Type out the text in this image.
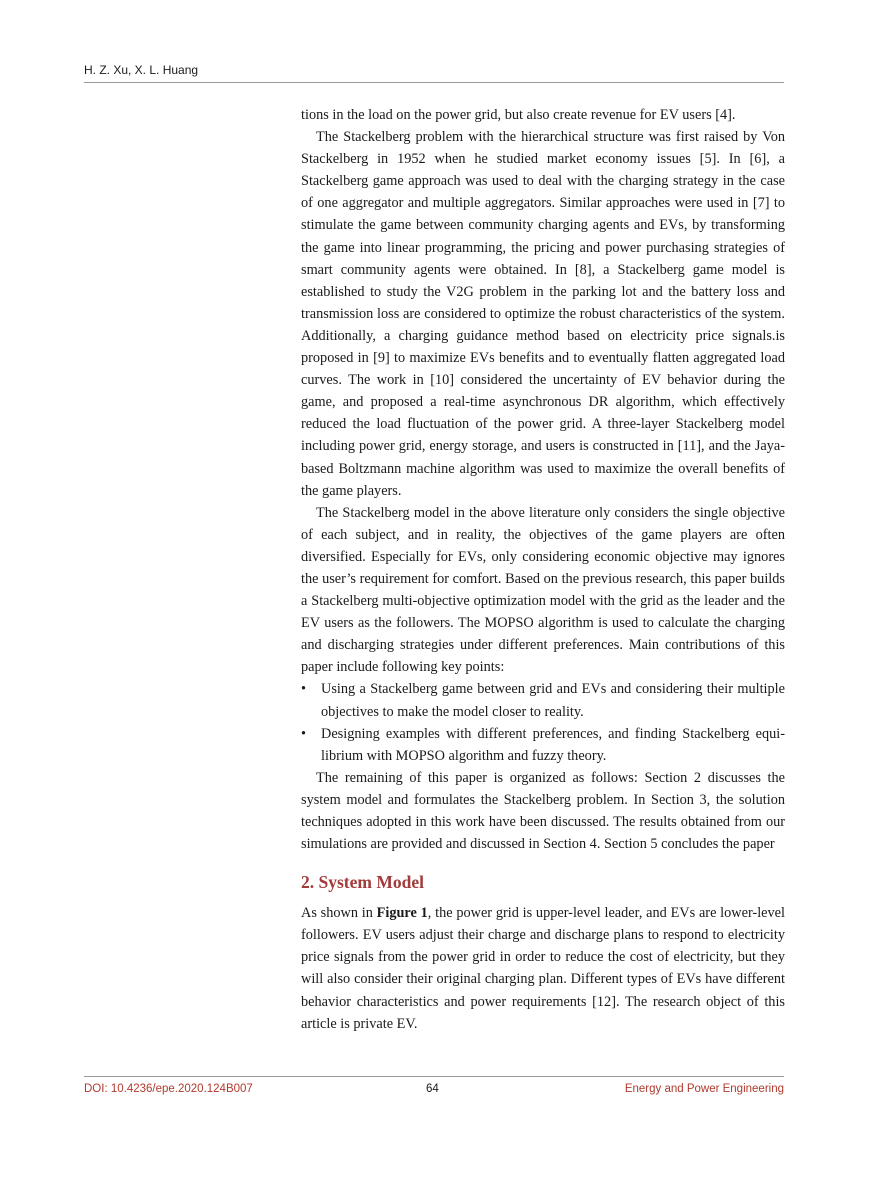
H. Z. Xu, X. L. Huang

tions in the load on the power grid, but also create revenue for EV users [4].

The Stackelberg problem with the hierarchical structure was first raised by Von Stackelberg in 1952 when he studied market economy issues [5]. In [6], a Stackelberg game approach was used to deal with the charging strategy in the case of one aggregator and multiple aggregators. Similar approaches were used in [7] to stimulate the game between community charging agents and EVs, by transforming the game into linear programming, the pricing and power purchasing strategies of smart community agents were obtained. In [8], a Stackelberg game model is established to study the V2G problem in the parking lot and the battery loss and transmission loss are considered to optimize the robust characteristics of the system. Additionally, a charging guidance method based on electricity price signals.is proposed in [9] to maximize EVs benefits and to eventually flatten aggregated load curves. The work in [10] considered the uncertainty of EV behavior during the game, and proposed a real-time asynchronous DR algorithm, which effectively reduced the load fluctuation of the power grid. A three-layer Stackelberg model including power grid, energy storage, and users is constructed in [11], and the Jaya-based Boltzmann machine algorithm was used to maximize the overall benefits of the game players.

The Stackelberg model in the above literature only considers the single objective of each subject, and in reality, the objectives of the game players are often diversified. Especially for EVs, only considering economic objective may ignores the user’s requirement for comfort. Based on the previous research, this paper builds a Stackelberg multi-objective optimization model with the grid as the leader and the EV users as the followers. The MOPSO algorithm is used to calculate the charging and discharging strategies under different preferences. Main contributions of this paper include following key points:

• Using a Stackelberg game between grid and EVs and considering their multiple objectives to make the model closer to reality.
• Designing examples with different preferences, and finding Stackelberg equilibrium with MOPSO algorithm and fuzzy theory.

The remaining of this paper is organized as follows: Section 2 discusses the system model and formulates the Stackelberg problem. In Section 3, the solution techniques adopted in this work have been discussed. The results obtained from our simulations are provided and discussed in Section 4. Section 5 concludes the paper

2. System Model

As shown in Figure 1, the power grid is upper-level leader, and EVs are lower-level followers. EV users adjust their charge and discharge plans to respond to electricity price signals from the power grid in order to reduce the cost of electricity, but they will also consider their original charging plan. Different types of EVs have different behavior characteristics and power requirements [12]. The research object of this article is private EV.

DOI: 10.4236/epe.2020.124B007	64	Energy and Power Engineering
